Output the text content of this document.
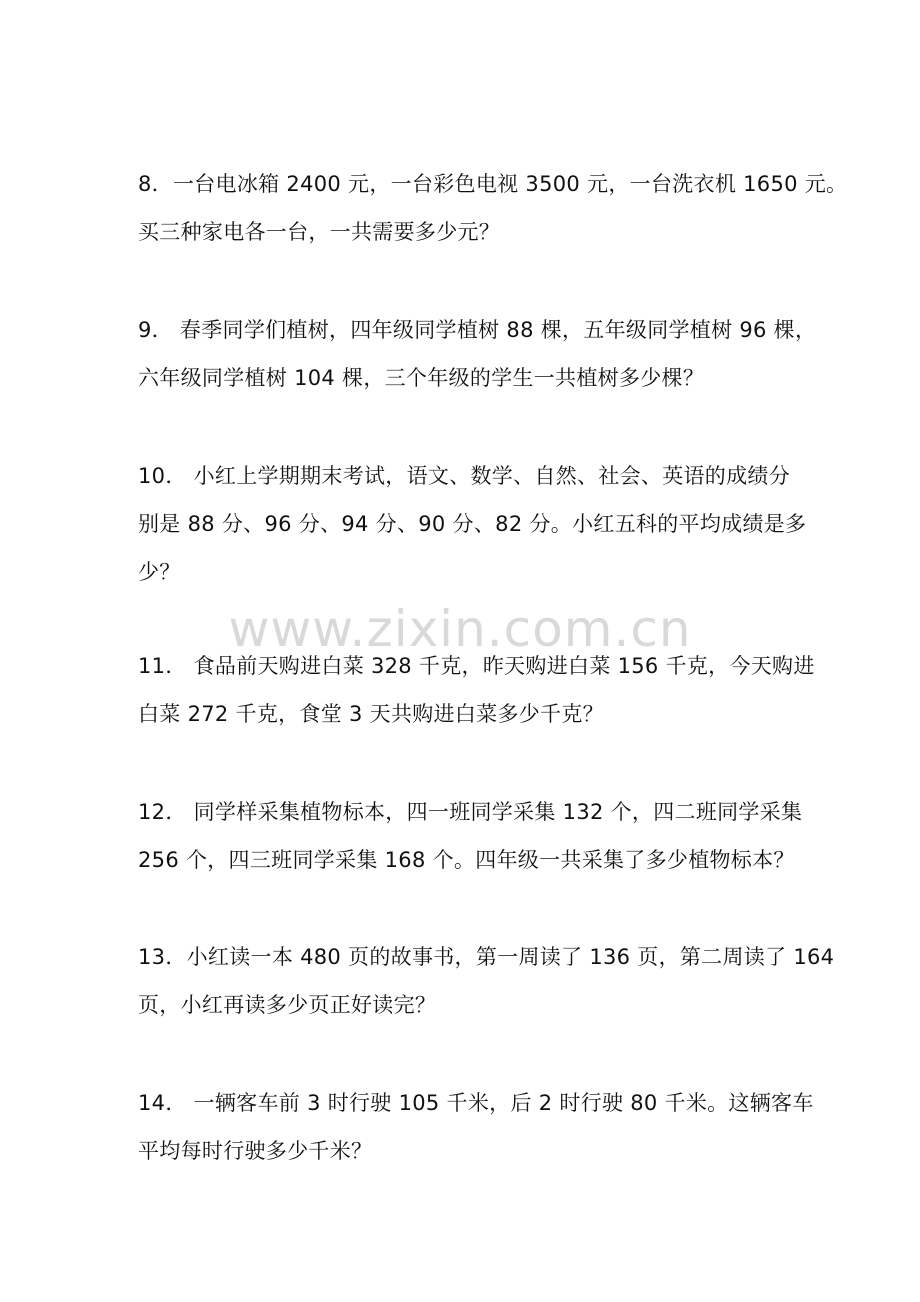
8．一台电冰箱 2400 元，一台彩色电视 3500 元，一台洗衣机 1650 元。
买三种家电各一台，一共需要多少元？
9． 春季同学们植树，四年级同学植树 88 棵，五年级同学植树 96 棵，
六年级同学植树 104 棵，三个年级的学生一共植树多少棵？
10． 小红上学期期末考试，语文、数学、自然、社会、英语的成绩分
别是 88 分、96 分、94 分、90 分、82 分。小红五科的平均成绩是多
少？
11． 食品前天购进白菜 328 千克，昨天购进白菜 156 千克，今天购进
白菜 272 千克，食堂 3 天共购进白菜多少千克？
12． 同学样采集植物标本，四一班同学采集 132 个，四二班同学采集
256 个，四三班同学采集 168 个。四年级一共采集了多少植物标本？
13．小红读一本 480 页的故事书，第一周读了 136 页，第二周读了 164
页，小红再读多少页正好读完？
14． 一辆客车前 3 时行驶 105 千米，后 2 时行驶 80 千米。这辆客车
平均每时行驶多少千米？
www.zixin.com.cn
